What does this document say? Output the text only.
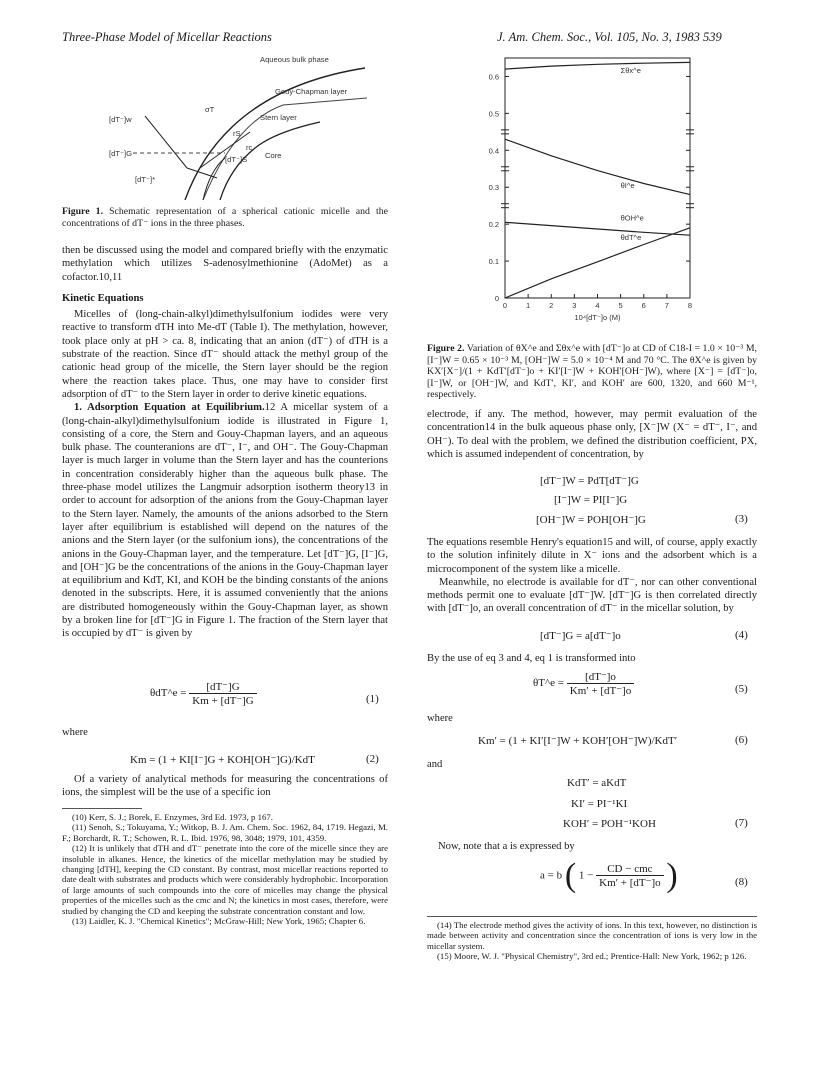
Three-Phase Model of Micellar Reactions	J. Am. Chem. Soc., Vol. 105, No. 3, 1983 539
Aqueous bulk phase
Gouy-Chapman layer
Stern layer
Core
[dT⁻]w
[dT⁻]G
[dT⁻]*
[dT⁻]S
σT
rS
rc
Figure 1. Schematic representation of a spherical cationic micelle and the concentrations of dT⁻ ions in the three phases.

then be discussed using the model and compared briefly with the enzymatic methylation which utilizes S-adenosylmethionine (AdoMet) as a cofactor.10,11

Kinetic Equations

Micelles of (long-chain-alkyl)dimethylsulfonium iodides were very reactive to transform dTH into Me-dT (Table I). The methylation, however, took place only at pH > ca. 8, indicating that an anion (dT⁻) of dTH is a substrate of the reaction. Since dT⁻ should attack the methyl group of the cationic head group of the micelle, the Stern layer should be the region where the reaction takes place. Thus, one may have to consider first adsorption of dT⁻ to the Stern layer in order to derive kinetic equations.

1. Adsorption Equation at Equilibrium.12 A micellar system of a (long-chain-alkyl)dimethylsulfonium iodide is illustrated in Figure 1, consisting of a core, the Stern and Gouy-Chapman layers, and an aqueous bulk phase. The counteranions are dT⁻, I⁻, and OH⁻. The Gouy-Chapman layer is much larger in volume than the Stern layer and has the counterions in concentration considerably higher than the aqueous bulk phase. The three-phase model utilizes the Langmuir adsorption isotherm theory13 in order to account for adsorption of the anions from the Gouy-Chapman layer to the Stern layer. Namely, the amounts of the anions adsorbed to the Stern layer after equilibrium is established will depend on the natures of the anions and the Stern layer (or the sulfonium ions), the concentrations of the anions in the Gouy-Chapman layer, and the temperature. Let [dT⁻]G, [I⁻]G, and [OH⁻]G be the concentrations of the anions in the Gouy-Chapman layer at equilibrium and KdT, KI, and KOH be the binding constants of the anions denoted in the subscripts. Here, it is assumed conveniently that the anions are distributed homogeneously within the Gouy-Chapman layer, as shown by a broken line for [dT⁻]G in Figure 1. The fraction of the Stern layer that is occupied by dT⁻ is given by

θdT^e = $\frac{[dT^-]G}{Km + [dT^-]G}$	(1)
where
Km = (1 + KI[I⁻]G + KOH[OH⁻]G)/KdT	(2)

Of a variety of analytical methods for measuring the concentrations of ions, the simplest will be the use of a specific ion

(10) Kerr, S. J.; Borek, E. Enzymes, 3rd Ed. 1973, p 167.

(11) Senoh, S.; Tokuyama, Y.; Witkop, B. J. Am. Chem. Soc. 1962, 84, 1719. Hegazi, M. F.; Borchardt, R. T.; Schowen, R. L. Ibid. 1976, 98, 3048; 1979, 101, 4359.

(12) It is unlikely that dTH and dT⁻ penetrate into the core of the micelle since they are insoluble in alkanes. Hence, the kinetics of the micellar methylation may be studied by changing [dTH], keeping the CD constant. By contrast, most micellar reactions reported to date dealt with substrates and products which were considerably hydrophobic. Incorporation of large amounts of such compounds into the core of micelles may change the physical properties of the micelles such as the cmc and N; the kinetics in most cases, therefore, were studied by changing the CD and keeping the substrate concentration constant and low.

(13) Laidler, K. J. "Chemical Kinetics"; McGraw-Hill; New York, 1965; Chapter 6.

0
0.1
0.2
0.3
0.4
0.5
0.6
0	1	2	3	4	5	6	7	8
10⁴[dT⁻]o (M)
Σθx^e
θI^e
θOH^e
θdT^e
Figure 2. Variation of θX^e and Σθx^e with [dT⁻]o at CD of C18-I = 1.0 × 10⁻³ M, [I⁻]W = 0.65 × 10⁻³ M, [OH⁻]W = 5.0 × 10⁻⁴ M and 70 °C. The θX^e is given by KX′[X⁻]/(1 + KdT′[dT⁻]o + KI′[I⁻]W + KOH′[OH⁻]W), where [X⁻] = [dT⁻]o, [I⁻]W, or [OH⁻]W, and KdT′, KI′, and KOH′ are 600, 1320, and 660 M⁻¹, respectively.

electrode, if any. The method, however, may permit evaluation of the concentration14 in the bulk aqueous phase only, [X⁻]W (X⁻ = dT⁻, I⁻, and OH⁻). To deal with the problem, we defined the distribution coefficient, PX, which is assumed independent of concentration, by

[dT⁻]W = PdT[dT⁻]G
[I⁻]W = PI[I⁻]G
[OH⁻]W = POH[OH⁻]G	(3)

The equations resemble Henry's equation15 and will, of course, apply exactly to the solution infinitely dilute in X⁻ ions and the adsorbent which is a microcomponent of the system like a micelle.

Meanwhile, no electrode is available for dT⁻, nor can other conventional methods permit one to evaluate [dT⁻]W. [dT⁻]G is then correlated directly with [dT⁻]o, an overall concentration of dT⁻ in the micellar solution, by

[dT⁻]G = a[dT⁻]o	(4)

By the use of eq 3 and 4, eq 1 is transformed into

θT^e = $\frac{[dT^-]o}{Km' + [dT^-]o}$	(5)
where
Km′ = (1 + KI′[I⁻]W + KOH′[OH⁻]W)/KdT′	(6)
and
KdT′ = aKdT
KI′ = PI⁻¹KI
KOH′ = POH⁻¹KOH	(7)
Now, note that a is expressed by
a = b ( $1 - \frac{\text{CD − cmc}}{Km' + [dT^-]o}$ )	(8)

(14) The electrode method gives the activity of ions. In this text, however, no distinction is made between activity and concentration since the concentration of ions is very low in the micellar system.

(15) Moore, W. J. "Physical Chemistry", 3rd ed.; Prentice-Hall: New York, 1962; p 126.
